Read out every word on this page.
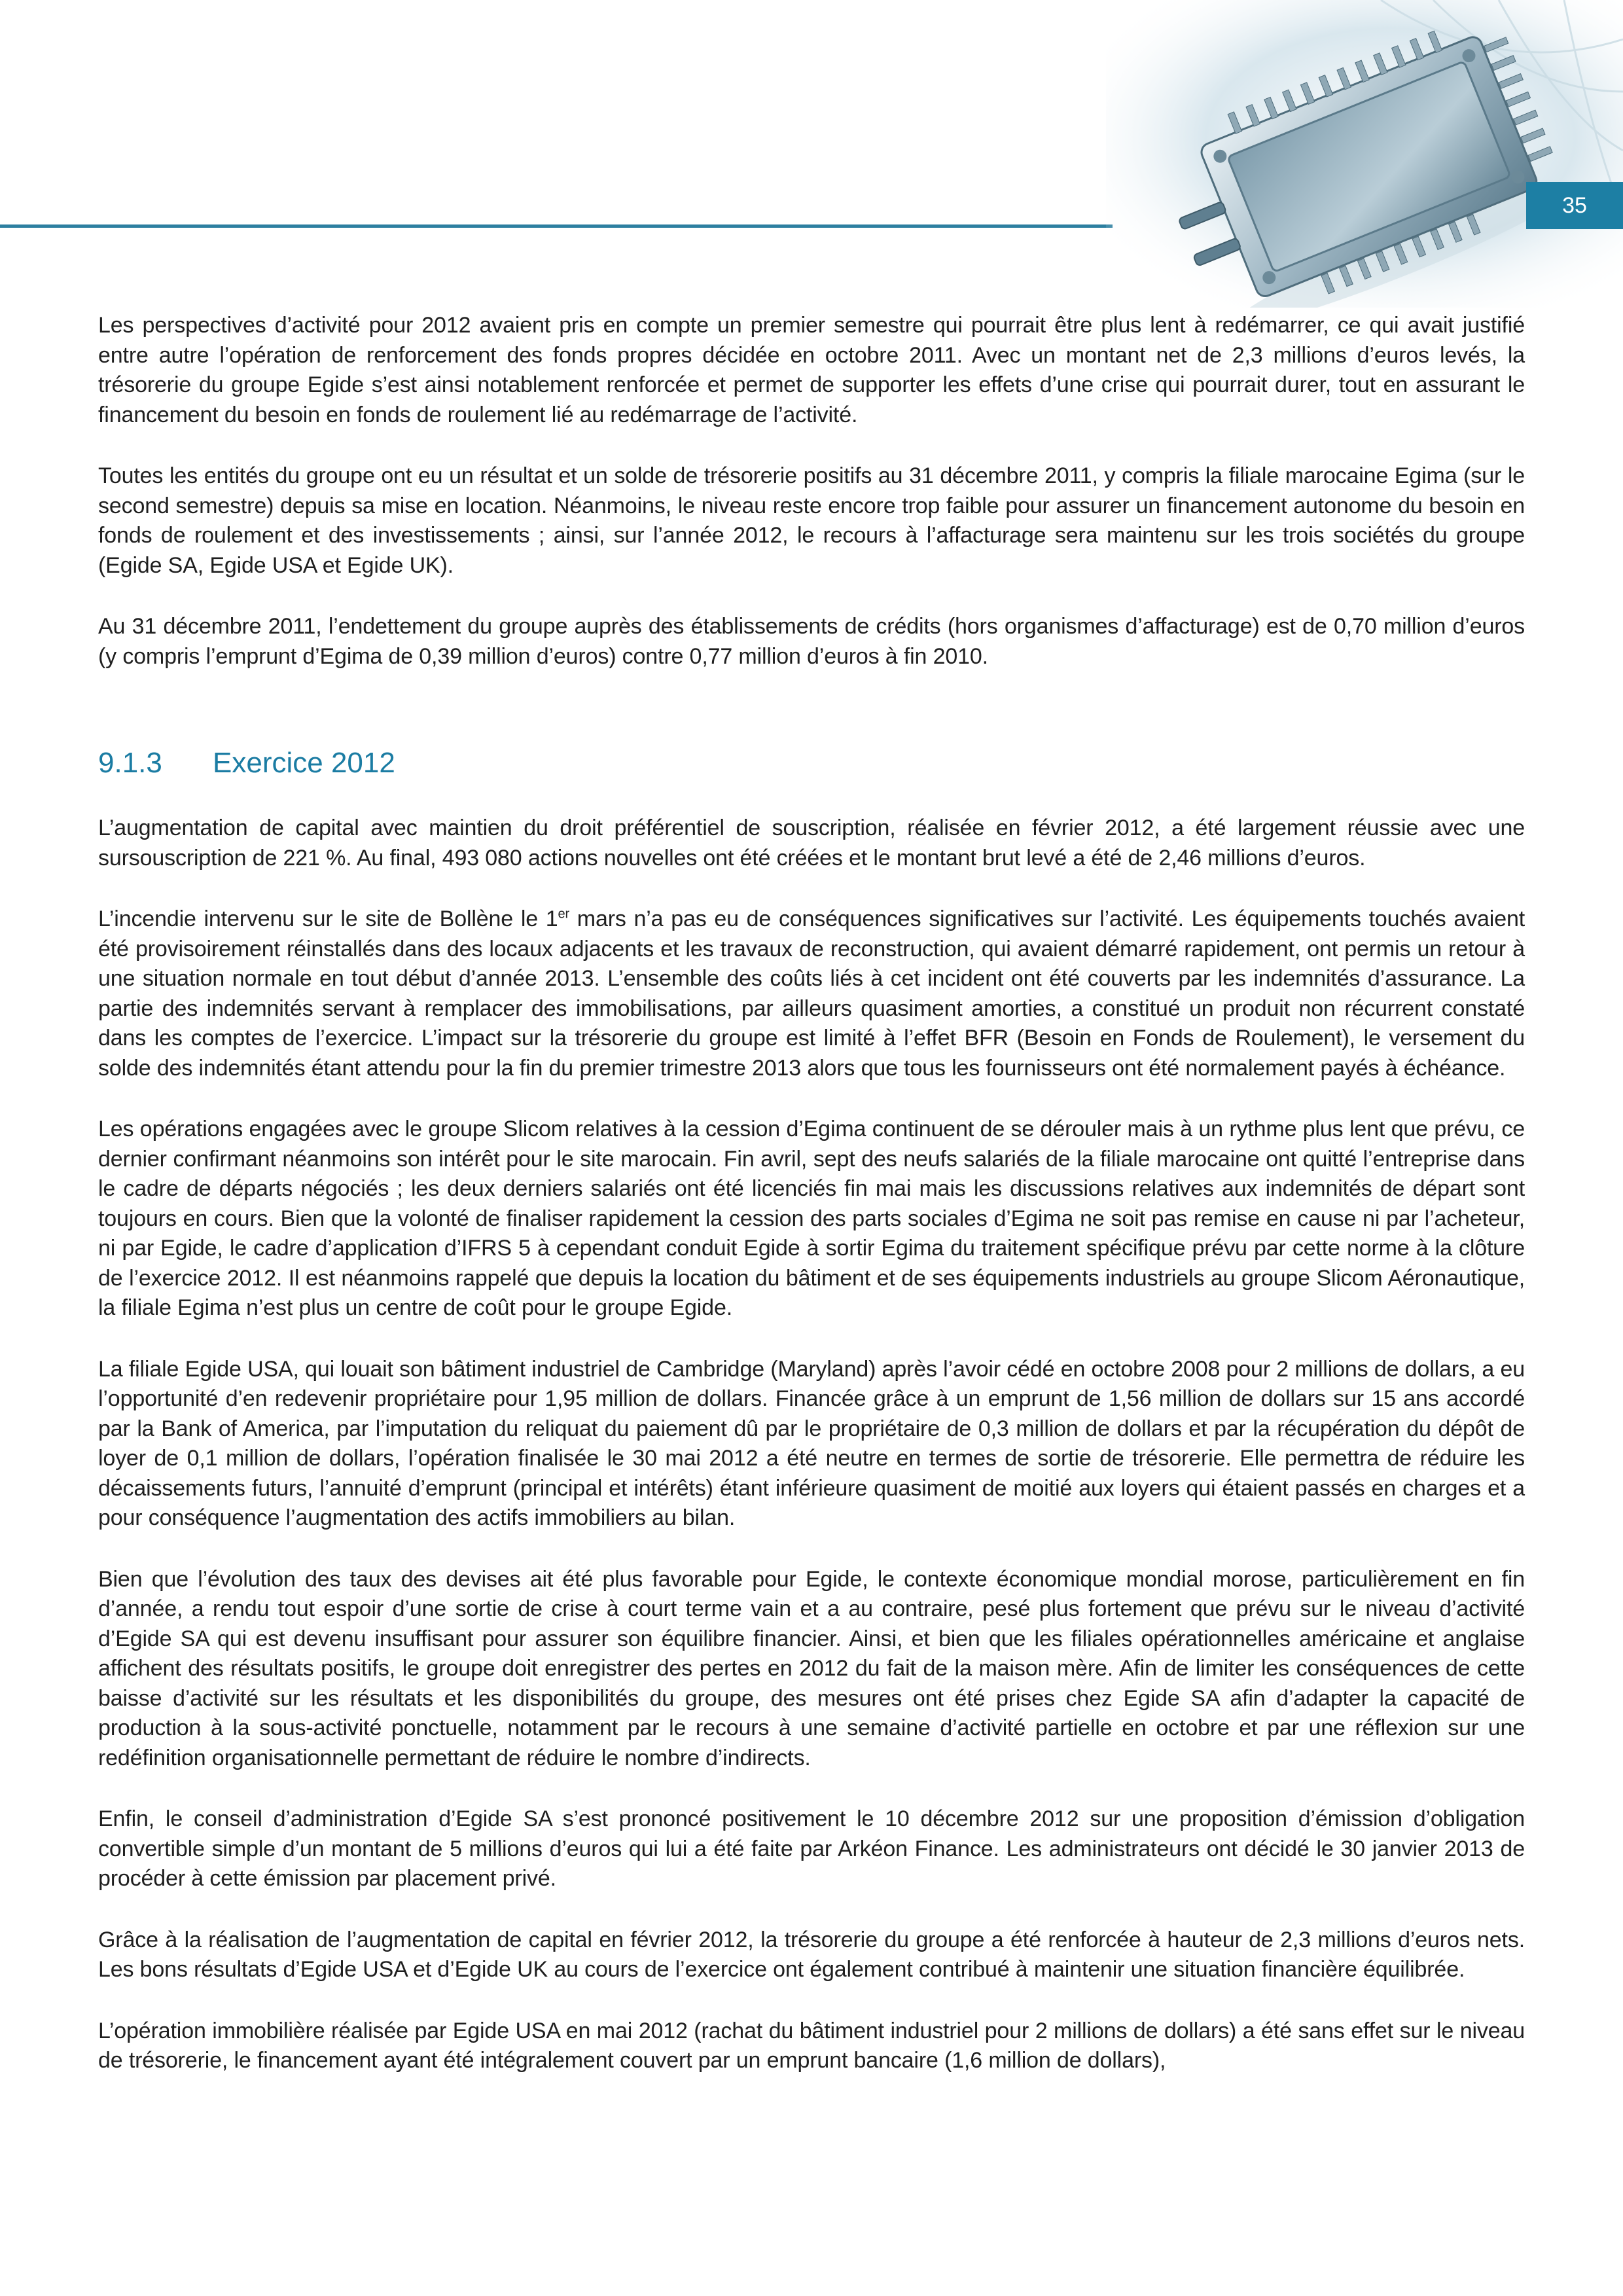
35

Les perspectives d’activité pour 2012 avaient pris en compte un premier semestre qui pourrait être plus lent à redémarrer, ce qui avait justifié entre autre l’opération de renforcement des fonds propres décidée en octobre 2011. Avec un montant net de 2,3 millions d’euros levés, la trésorerie du groupe Egide s’est ainsi notablement renforcée et permet de supporter les effets d’une crise qui pourrait durer, tout en assurant le financement du besoin en fonds de roulement lié au redémarrage de l’activité.

Toutes les entités du groupe ont eu un résultat et un solde de trésorerie positifs au 31 décembre 2011, y compris la filiale marocaine Egima (sur le second semestre) depuis sa mise en location. Néanmoins, le niveau reste encore trop faible pour assurer un financement autonome du besoin en fonds de roulement et des investissements ; ainsi, sur l’année 2012, le recours à l’affacturage sera maintenu sur les trois sociétés du groupe (Egide SA, Egide USA et Egide UK).

Au 31 décembre 2011, l’endettement du groupe auprès des établissements de crédits (hors organismes d’affacturage) est de 0,70 million d’euros (y compris l’emprunt d’Egima de 0,39 million d’euros) contre 0,77 million d’euros à fin 2010.

9.1.3	Exercice 2012

L’augmentation de capital avec maintien du droit préférentiel de souscription, réalisée en février 2012, a été largement réussie avec une sursouscription de 221 %. Au final, 493 080 actions nouvelles ont été créées et le montant brut levé a été de 2,46 millions d’euros.

L’incendie intervenu sur le site de Bollène le 1er mars n’a pas eu de conséquences significatives sur l’activité. Les équipements touchés avaient été provisoirement réinstallés dans des locaux adjacents et les travaux de reconstruction, qui avaient démarré rapidement, ont permis un retour à une situation normale en tout début d’année 2013. L’ensemble des coûts liés à cet incident ont été couverts par les indemnités d’assurance. La partie des indemnités servant à remplacer des immobilisations, par ailleurs quasiment amorties, a constitué un produit non récurrent constaté dans les comptes de l’exercice. L’impact sur la trésorerie du groupe est limité à l’effet BFR (Besoin en Fonds de Roulement), le versement du solde des indemnités étant attendu pour la fin du premier trimestre 2013 alors que tous les fournisseurs ont été normalement payés à échéance.

Les opérations engagées avec le groupe Slicom relatives à la cession d’Egima continuent de se dérouler mais à un rythme plus lent que prévu, ce dernier confirmant néanmoins son intérêt pour le site marocain. Fin avril, sept des neufs salariés de la filiale marocaine ont quitté l’entreprise dans le cadre de départs négociés ; les deux derniers salariés ont été licenciés fin mai mais les discussions relatives aux indemnités de départ sont toujours en cours. Bien que la volonté de finaliser rapidement la cession des parts sociales d’Egima ne soit pas remise en cause ni par l’acheteur, ni par Egide, le cadre d’application d’IFRS 5 à cependant conduit Egide à sortir Egima du traitement spécifique prévu par cette norme à la clôture de l’exercice 2012. Il est néanmoins rappelé que depuis la location du bâtiment et de ses équipements industriels au groupe Slicom Aéronautique, la filiale Egima n’est plus un centre de coût pour le groupe Egide.

La filiale Egide USA, qui louait son bâtiment industriel de Cambridge (Maryland) après l’avoir cédé en octobre 2008 pour 2 millions de dollars, a eu l’opportunité d’en redevenir propriétaire pour 1,95 million de dollars. Financée grâce à un emprunt de 1,56 million de dollars sur 15 ans accordé par la Bank of America, par l’imputation du reliquat du paiement dû par le propriétaire de 0,3 million de dollars et par la récupération du dépôt de loyer de 0,1 million de dollars, l’opération finalisée le 30 mai 2012 a été neutre en termes de sortie de trésorerie. Elle permettra de réduire les décaissements futurs, l’annuité d’emprunt (principal et intérêts) étant inférieure quasiment de moitié aux loyers qui étaient passés en charges et a pour conséquence l’augmentation des actifs immobiliers au bilan.

Bien que l’évolution des taux des devises ait été plus favorable pour Egide, le contexte économique mondial morose, particulièrement en fin d’année, a rendu tout espoir d’une sortie de crise à court terme vain et a au contraire, pesé plus fortement que prévu sur le niveau d’activité d’Egide SA qui est devenu insuffisant pour assurer son équilibre financier. Ainsi, et bien que les filiales opérationnelles américaine et anglaise affichent des résultats positifs, le groupe doit enregistrer des pertes en 2012 du fait de la maison mère. Afin de limiter les conséquences de cette baisse d’activité sur les résultats et les disponibilités du groupe, des mesures ont été prises chez Egide SA afin d’adapter la capacité de production à la sous-activité ponctuelle, notamment par le recours à une semaine d’activité partielle en octobre et par une réflexion sur une redéfinition organisationnelle permettant de réduire le nombre d’indirects.

Enfin, le conseil d’administration d’Egide SA s’est prononcé positivement le 10 décembre 2012 sur une proposition d’émission d’obligation convertible simple d’un montant de 5 millions d’euros qui lui a été faite par Arkéon Finance. Les administrateurs ont décidé le 30 janvier 2013 de procéder à cette émission par placement privé.

Grâce à la réalisation de l’augmentation de capital en février 2012, la trésorerie du groupe a été renforcée à hauteur de 2,3 millions d’euros nets. Les bons résultats d’Egide USA et d’Egide UK au cours de l’exercice ont également contribué à maintenir une situation financière équilibrée.

L’opération immobilière réalisée par Egide USA en mai 2012 (rachat du bâtiment industriel pour 2 millions de dollars) a été sans effet sur le niveau de trésorerie, le financement ayant été intégralement couvert par un emprunt bancaire (1,6 million de dollars),
